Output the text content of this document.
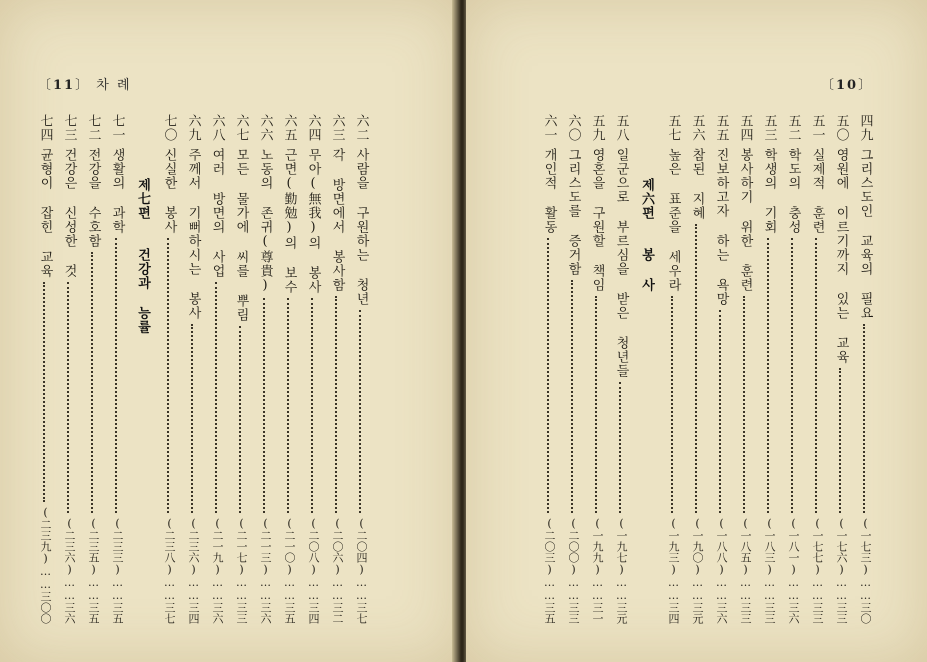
〔11〕 차 례
六二
사람을 구원하는 청년
(二〇四)……三七
六三
각 방면에서 봉사함
(二〇六)……三二
六四
무아(無我)의 봉사
(二〇八)……三四
六五
근면(勤勉)의 보수
(二一〇)……三五
六六
노동의 존귀(尊貴)
(二一三)……三六
六七
모든 물가에 씨를 뿌림
(二一七)……三三
六八
여러 방면의 사업
(二一九)……三六
六九
주께서 기뻐하시는 봉사
(二三六)……三四
七〇
신실한 봉사
(二三八)……三七
제七편 건강과 능률
七一
생활의 과학
(二三三)……三五
七二
전강을 수호함
(二三五)……三五
七三
건강은 신성한 것
(二三六)……三六
七四
균형이 잡힌 교육
(二三九)……三〇〇
〔10〕
四九
그리스도인 교육의 필요
(一七三)……三〇
五〇
영원에 이르기까지 있는 교육
(一七六)……三三
五一
실제적 훈련
(一七七)……三三
五二
학도의 충성
(一八一)……三六
五三
학생의 기회
(一八三)……三三
五四
봉사하기 위한 훈련
(一八五)……三三
五五
진보하고자 하는 욕망
(一八八)……三六
五六
참된 지혜
(一九〇)……三元
五七
높은 표준을 세우라
(一九三)……三四
제六편 봉 사
五八
일군으로 부르심을 받은 청년들
(一九七)……三元
五九
영혼을 구원할 책임
(一九九)……三一
六〇
그리스도를 증거함
(二〇〇)……三三
六一
개인적 활동
(二〇三)……三五
